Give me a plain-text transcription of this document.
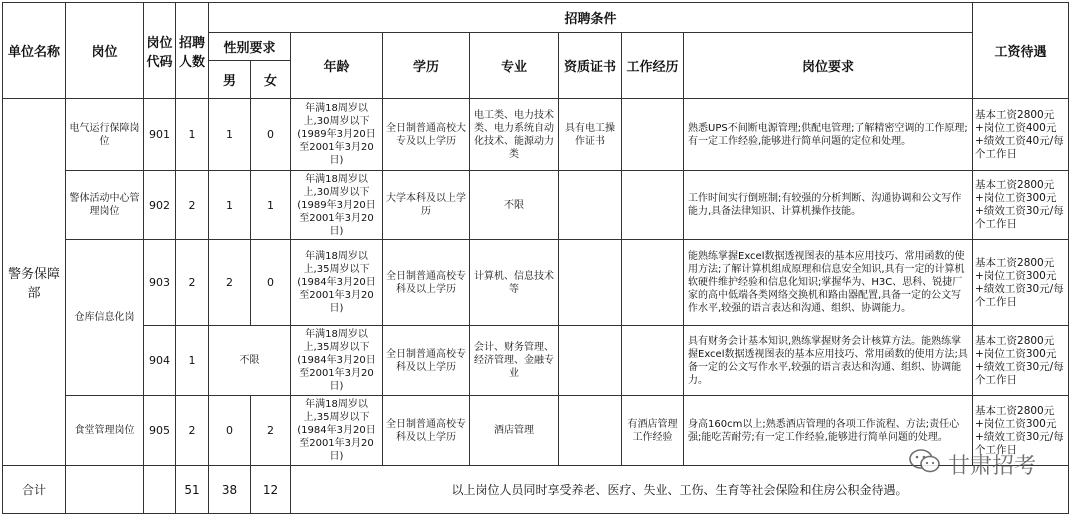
单位名称	岗位	岗位代码	招聘人数	招聘条件								工资待遇
				性别要求		年龄	学历	专业	资质证书	工作经历	岗位要求	
				男	女							
警务保障部	电气运行保障岗位	901	1	1	0	年满18周岁以上,30周岁以下(1989年3月20日至2001年3月20日)	全日制普通高校大专及以上学历	电工类、电力技术类、电力系统自动化技术、能源动力类	具有电工操作证书		熟悉UPS不间断电源管理;供配电管理;了解精密空调的工作原理;有一定工作经验,能够进行简单问题的定位和处理。	基本工资2800元+岗位工资400元+绩效工资40元/每个工作日
	警体活动中心管理岗位	902	2	1	1	年满18周岁以上,30周岁以下(1989年3月20日至2001年3月20日)	大学本科及以上学历	不限			工作时间实行倒班制;有较强的分析判断、沟通协调和公文写作能力,具备法律知识、计算机操作技能。	基本工资2800元+岗位工资300元+绩效工资30元/每个工作日
	仓库信息化岗	903	2	2	0	年满18周岁以上,35周岁以下(1984年3月20日至2001年3月20日)	全日制普通高校专科及以上学历	计算机、信息技术等			能熟练掌握Excel数据透视图表的基本应用技巧、常用函数的使用方法;了解计算机组成原理和信息安全知识,具有一定的计算机软硬件维护经验和信息化知识;掌握华为、H3C、思科、锐捷厂家的高中低端各类网络交换机和路由器配置,具备一定的公文写作水平,较强的语言表达和沟通、组织、协调能力。	基本工资2800元+岗位工资300元+绩效工资30元/每个工作日
		904	1	不限		年满18周岁以上,35周岁以下(1984年3月20日至2001年3月20日)	全日制普通高校专科及以上学历	会计、财务管理、经济管理、金融专业			具有财务会计基本知识,熟练掌握财务会计核算方法。能熟练掌握Excel数据透视图表的基本应用技巧、常用函数的使用方法;具备一定的公文写作水平,较强的语言表达和沟通、组织、协调能力。	基本工资2800元+岗位工资300元+绩效工资30元/每个工作日
	食堂管理岗位	905	2	0	2	年满18周岁以上,35周岁以下(1984年3月20日至2001年3月20日)	全日制普通高校专科及以上学历	酒店管理		有酒店管理工作经验	身高160cm以上;熟悉酒店管理的各项工作流程、方法;责任心强;能吃苦耐劳;有一定工作经验,能够进行简单问题的处理。	基本工资2800元+岗位工资300元+绩效工资30元/每个工作日
合计			51	38	12	以上岗位人员同时享受养老、医疗、失业、工伤、生育等社会保险和住房公积金待遇。						
甘肃招考
